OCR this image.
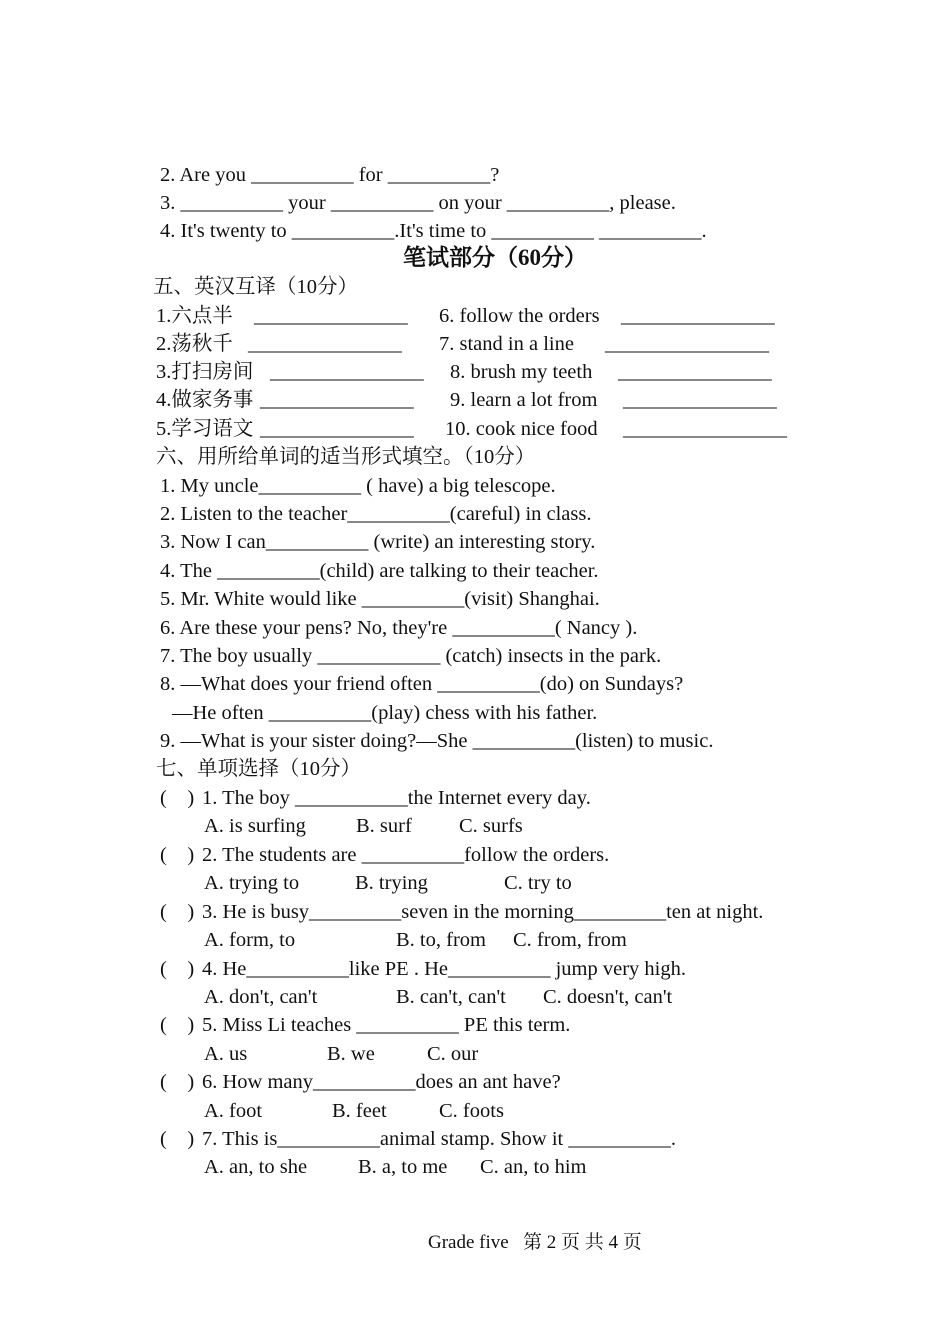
2. Are you __________ for __________?
3. __________ your __________ on your __________, please.
4. It's twenty to __________.It's time to __________ __________.
笔试部分（60分）
五、英汉互译（10分）
1.六点半 _______________ 6. follow the orders _______________
2.荡秋千 _______________ 7. stand in a line ________________
3.打扫房间 _______________ 8. brush my teeth _______________
4.做家务事 _______________ 9. learn a lot from _______________
5.学习语文 _______________ 10. cook nice food ________________
六、用所给单词的适当形式填空。（10分）
1. My uncle__________ ( have) a big telescope.
2. Listen to the teacher__________(careful) in class.
3. Now I can__________ (write) an interesting story.
4. The __________(child) are talking to their teacher.
5. Mr. White would like __________(visit) Shanghai.
6. Are these your pens? No, they're __________( Nancy ).
7. The boy usually ____________ (catch) insects in the park.
8. —What does your friend often __________(do) on Sundays?
—He often __________(play) chess with his father.
9. —What is your sister doing?—She __________(listen) to music.
七、单项选择（10分）
(    ) 1. The boy ___________the Internet every day.
A. is surfing B. surf C. surfs
(    ) 2. The students are __________follow the orders.
A. trying to	B. trying	C. try to
(    ) 3. He is busy_________seven in the morning_________ten at night.
A. form, to	B. to, from C. from, from
(    ) 4. He__________like PE . He__________ jump very high.
A. don't, can't	B. can't, can't C. doesn't, can't
(    ) 5. Miss Li teaches __________ PE this term.
A. us	B. we	C. our
(    ) 6. How many__________does an ant have?
A. foot	B. feet	C. foots
(    ) 7. This is__________animal stamp. Show it __________.
A. an, to she B. a, to me C. an, to him
Grade five   第 2 页 共 4 页
